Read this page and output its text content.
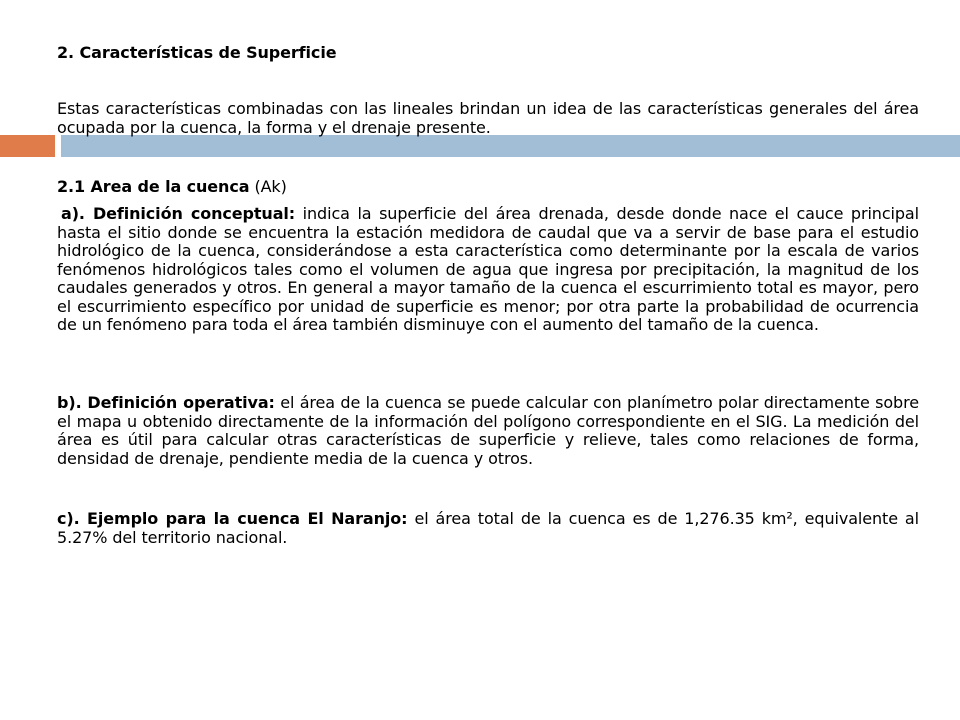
2. Características de Superficie
Estas características combinadas con las lineales brindan un idea de las características generales del área ocupada por la cuenca, la forma y el drenaje presente.
2.1 Area de la cuenca (Ak)
a). Definición conceptual: indica la superficie del área drenada, desde donde nace el cauce principal hasta el sitio donde se encuentra la estación medidora de caudal que va a servir de base para el estudio hidrológico de la cuenca, considerándose a esta característica como determinante por la escala de varios fenómenos hidrológicos tales como el volumen de agua que ingresa por precipitación, la magnitud de los caudales generados y otros. En general a mayor tamaño de la cuenca el escurrimiento total es mayor, pero el escurrimiento específico por unidad de superficie es menor; por otra parte la probabilidad de ocurrencia de un fenómeno para toda el área también disminuye con el aumento del tamaño de la cuenca.
b). Definición operativa: el área de la cuenca se puede calcular con planímetro polar directamente sobre el mapa u obtenido directamente de la información del polígono correspondiente en el SIG. La medición del área es útil para calcular otras características de superficie y relieve, tales como relaciones de forma, densidad de drenaje, pendiente media de la cuenca y otros.
c). Ejemplo para la cuenca El Naranjo: el área total de la cuenca es de 1,276.35 km², equivalente al 5.27% del territorio nacional.
